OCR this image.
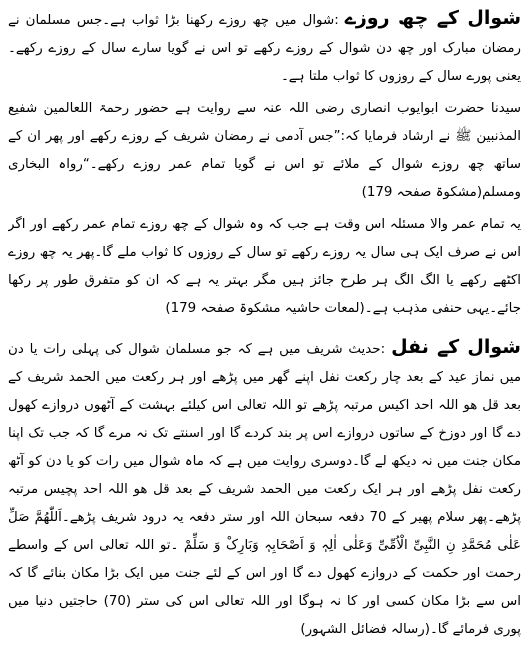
شوال کے چھ روزے:شوال میں چھ روزے رکھنا بڑا ثواب ہے۔جس مسلمان نے رمضان مبارک اور چھ دن شوال کے روزے رکھے تو اس نے گویا سارے سال کے روزے رکھے۔یعنی پورے سال کے روزوں کا ثواب ملتا ہے۔

سیدنا حضرت ابوایوب انصاری رضی اللہ عنہ سے روایت ہے حضور رحمۃ اللعالمین شفیع المذنبین ﷺ نے ارشاد فرمایا کہ:”جس آدمی نے رمضان شریف کے روزے رکھے اور پھر ان کے ساتھ چھ روزے شوال کے ملائے تو اس نے گویا تمام عمر روزے رکھے۔“رواہ البخاری ومسلم(مشکوۃ صفحہ 179)

یہ تمام عمر والا مسئلہ اس وقت ہے جب کہ وہ شوال کے چھ روزے تمام عمر رکھے اور اگر اس نے صرف ایک ہی سال یہ روزے رکھے تو سال کے روزوں کا ثواب ملے گا۔پھر یہ چھ روزے اکٹھے رکھے یا الگ الگ ہر طرح جائز ہیں مگر بہتر یہ ہے کہ ان کو متفرق طور پر رکھا جائے۔یہی حنفی مذہب ہے۔(لمعات حاشیہ مشکوۃ صفحہ 179)

شوال کے نفل:حدیث شریف میں ہے کہ جو مسلمان شوال کی پہلی رات یا دن میں نماز عید کے بعد چار رکعت نفل اپنے گھر میں پڑھے اور ہر رکعت میں الحمد شریف کے بعد قل ھو اللہ احد اکیس مرتبہ پڑھے تو اللہ تعالی اس کیلئے بہشت کے آٹھوں دروازے کھول دے گا اور دوزخ کے ساتوں دروازے اس پر بند کردے گا اور اسنتے تک نہ مرے گا کہ جب تک اپنا مکان جنت میں نہ دیکھ لے گا۔دوسری روایت میں ہے کہ ماہ شوال میں رات کو یا دن کو آٹھ رکعت نفل پڑھے اور ہر ایک رکعت میں الحمد شریف کے بعد قل ھو اللہ احد پچیس مرتبہ پڑھے۔پھر سلام پھیر کے 70 دفعہ سبحان اللہ اور ستر دفعہ یہ درود شریف پڑھے۔اَللّٰھُمَّ صَلِّ عَلٰی مُحَمَّدِ نِ النَّبِیِّ الْاُمِّیِّ وَعَلٰی اٰلِہٖ وَ اَصْحَابِہٖ وَبَارِکْ وَ سَلِّمْ ۔تو اللہ تعالی اس کے واسطے رحمت اور حکمت کے دروازے کھول دے گا اور اس کے لئے جنت میں ایک بڑا مکان بنائے گا کہ اس سے بڑا مکان کسی اور کا نہ ہوگا اور اللہ تعالی اس کی ستر (70) حاجتیں دنیا میں پوری فرمائے گا۔(رسالہ فضائل الشہور)
